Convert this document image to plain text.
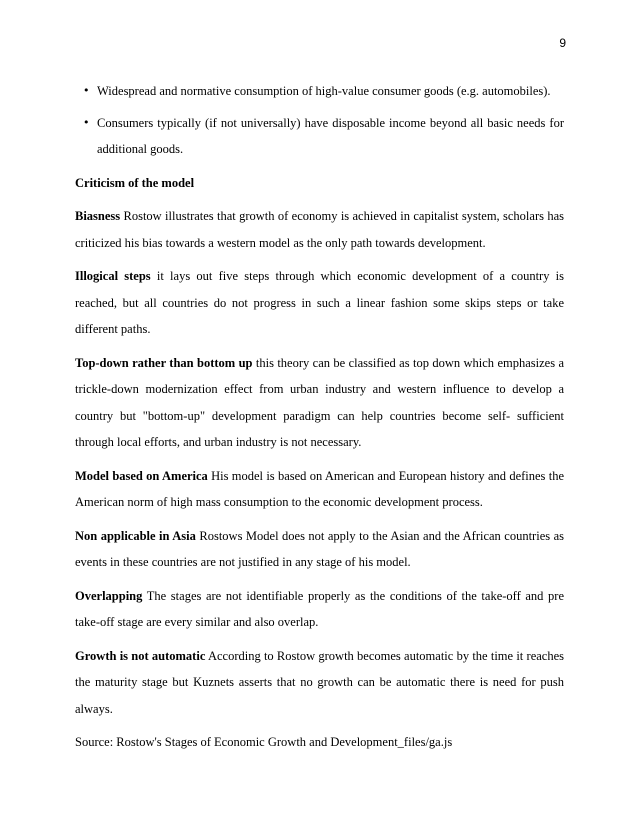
9
• Widespread and normative consumption of high-value consumer goods (e.g. automobiles).
• Consumers typically (if not universally) have disposable income beyond all basic needs for additional goods.
Criticism of the model

Biasness Rostow illustrates that growth of economy is achieved in capitalist system, scholars has criticized his bias towards a western model as the only path towards development.

Illogical steps it lays out five steps through which economic development of a country is reached, but all countries do not progress in such a linear fashion some skips steps or take different paths.

Top-down rather than bottom up this theory can be classified as top down which emphasizes a trickle-down modernization effect from urban industry and western influence to develop a country but "bottom-up" development paradigm can help countries become self- sufficient through local efforts, and urban industry is not necessary.

Model based on America His model is based on American and European history and defines the American norm of high mass consumption to the economic development process.

Non applicable in Asia Rostows Model does not apply to the Asian and the African countries as events in these countries are not justified in any stage of his model.

Overlapping The stages are not identifiable properly as the conditions of the take-off and pre take-off stage are every similar and also overlap.

Growth is not automatic According to Rostow growth becomes automatic by the time it reaches the maturity stage but Kuznets asserts that no growth can be automatic there is need for push always.

Source: Rostow's Stages of Economic Growth and Development_files/ga.js
